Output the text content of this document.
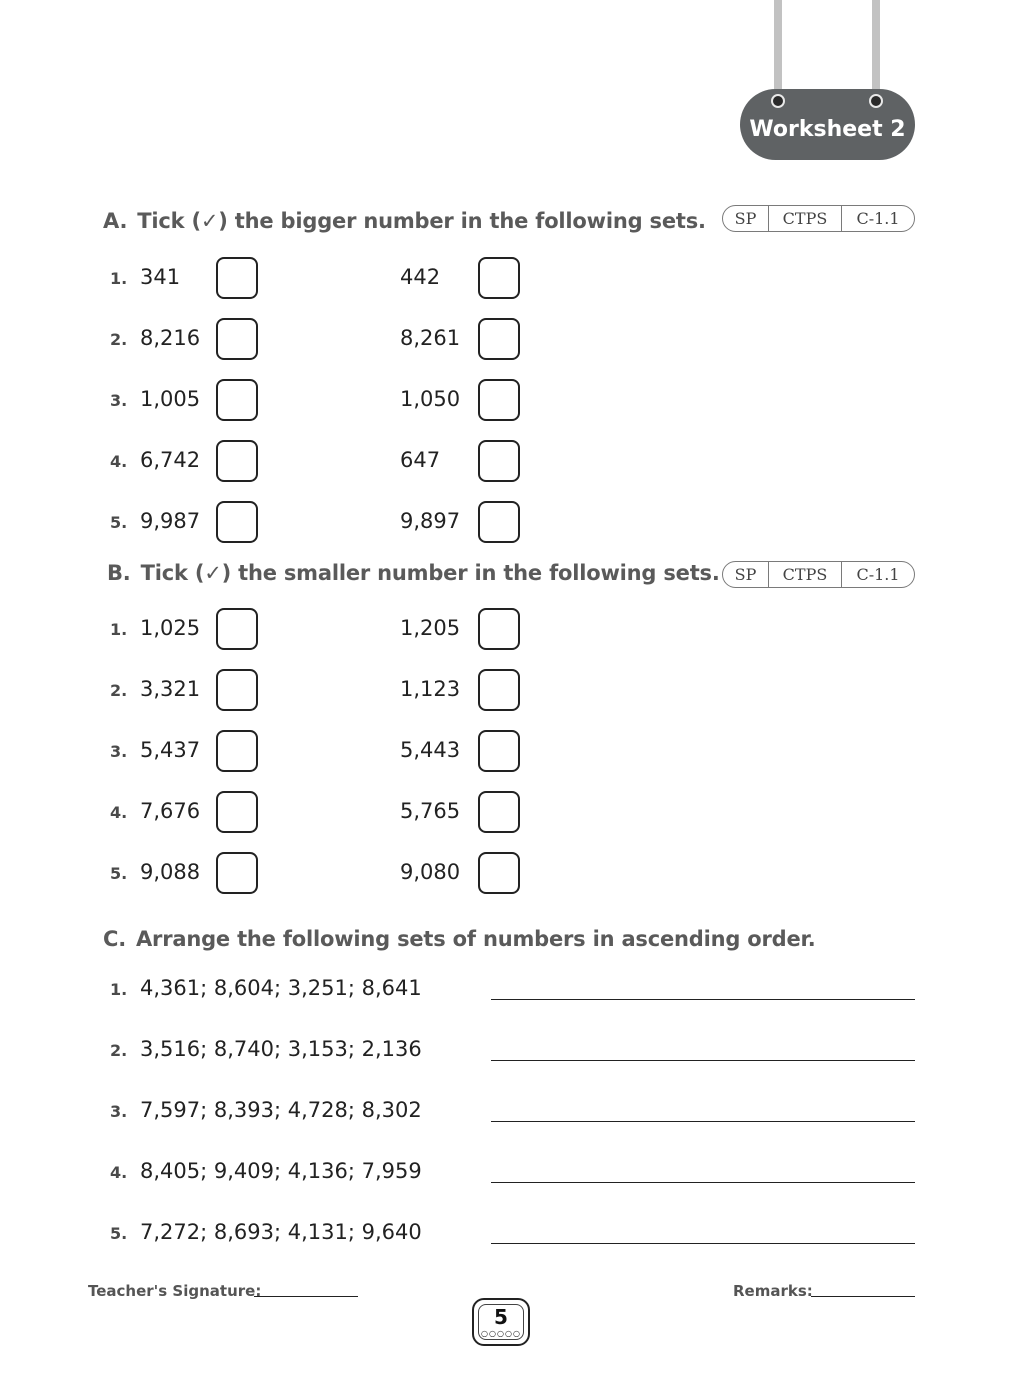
Worksheet 2
A. Tick (✓) the bigger number in the following sets.	SP	CTPS	C-1.1
1. 341	442
2. 8,216	8,261
3. 1,005	1,050
4. 6,742	647
5. 9,987	9,897
B. Tick (✓) the smaller number in the following sets. SP	CTPS	C-1.1
1. 1,025	1,205
2. 3,321	1,123
3. 5,437	5,443
4. 7,676	5,765
5. 9,088	9,080
C. Arrange the following sets of numbers in ascending order.
1. 4,361; 8,604; 3,251; 8,641
2. 3,516; 8,740; 3,153; 2,136
3. 7,597; 8,393; 4,728; 8,302
4. 8,405; 9,409; 4,136; 7,959
5. 7,272; 8,693; 4,131; 9,640
Teacher's Signature:	Remarks:
5
○○○○○
